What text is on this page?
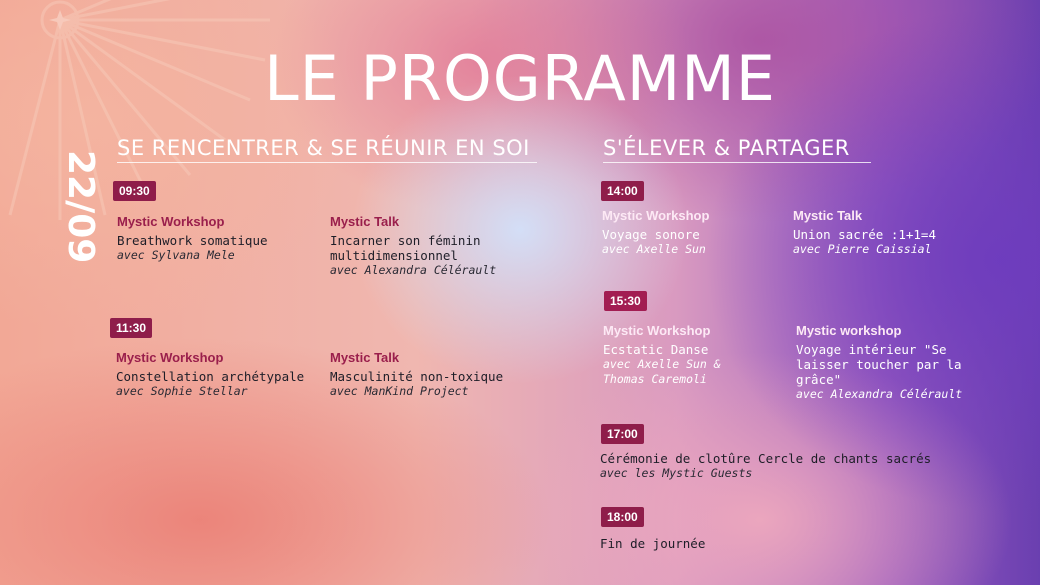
LE PROGRAMME
22/09
SE RENCENTRER & SE RÉUNIR EN SOI	S'ÉLEVER & PARTAGER
09:30
Mystic Workshop
Breathwork somatique
avec Sylvana Mele
Mystic Talk
Incarner son féminin multidimensionnel
avec Alexandra Célérault
11:30
Mystic Workshop
Constellation archétypale
avec Sophie Stellar
Mystic Talk
Masculinité non-toxique
avec ManKind Project
14:00
Mystic Workshop
Voyage sonore
avec Axelle Sun
Mystic Talk
Union sacrée :1+1=4
avec Pierre Caissial
15:30
Mystic Workshop
Ecstatic Danse
avec Axelle Sun & Thomas Caremoli
Mystic workshop
Voyage intérieur "Se laisser toucher par la grâce"
avec Alexandra Célérault
17:00
Cérémonie de clotûre Cercle de chants sacrés
avec les Mystic Guests
18:00
Fin de journée
